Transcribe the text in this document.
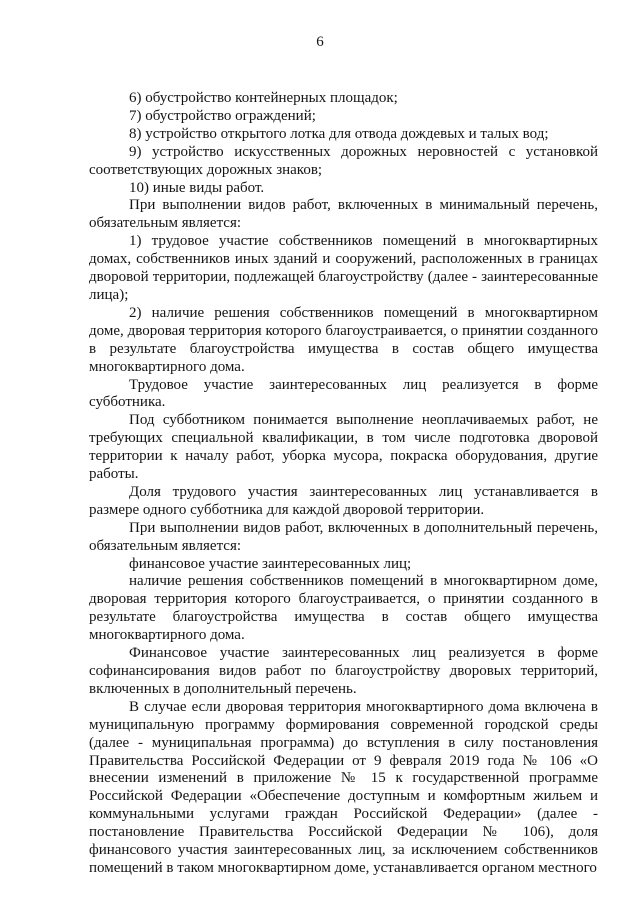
6

6) обустройство контейнерных площадок;

7) обустройство ограждений;

8) устройство открытого лотка для отвода дождевых и талых вод;

9) устройство искусственных дорожных неровностей с установкой соответствующих дорожных знаков;

10) иные виды работ.

При выполнении видов работ, включенных в минимальный перечень, обязательным является:

1) трудовое участие собственников помещений в многоквартирных домах, собственников иных зданий и сооружений, расположенных в границах дворовой территории, подлежащей благоустройству (далее - заинтересованные лица);

2) наличие решения собственников помещений в многоквартирном доме, дворовая территория которого благоустраивается, о принятии созданного в результате благоустройства имущества в состав общего имущества многоквартирного дома.

Трудовое участие заинтересованных лиц реализуется в форме субботника.

Под субботником понимается выполнение неоплачиваемых работ, не требующих специальной квалификации, в том числе подготовка дворовой территории к началу работ, уборка мусора, покраска оборудования, другие работы.

Доля трудового участия заинтересованных лиц устанавливается в размере одного субботника для каждой дворовой территории.

При выполнении видов работ, включенных в дополнительный перечень, обязательным является:

финансовое участие заинтересованных лиц;

наличие решения собственников помещений в многоквартирном доме, дворовая территория которого благоустраивается, о принятии созданного в результате благоустройства имущества в состав общего имущества многоквартирного дома.

Финансовое участие заинтересованных лиц реализуется в форме софинансирования видов работ по благоустройству дворовых территорий, включенных в дополнительный перечень.

В случае если дворовая территория многоквартирного дома включена в муниципальную программу формирования современной городской среды (далее - муниципальная программа) до вступления в силу постановления Правительства Российской Федерации от 9 февраля 2019 года № 106 «О внесении изменений в приложение № 15 к государственной программе Российской Федерации «Обеспечение доступным и комфортным жильем и коммунальными услугами граждан Российской Федерации» (далее - постановление Правительства Российской Федерации № 106), доля финансового участия заинтересованных лиц, за исключением собственников помещений в таком многоквартирном доме, устанавливается органом местного
